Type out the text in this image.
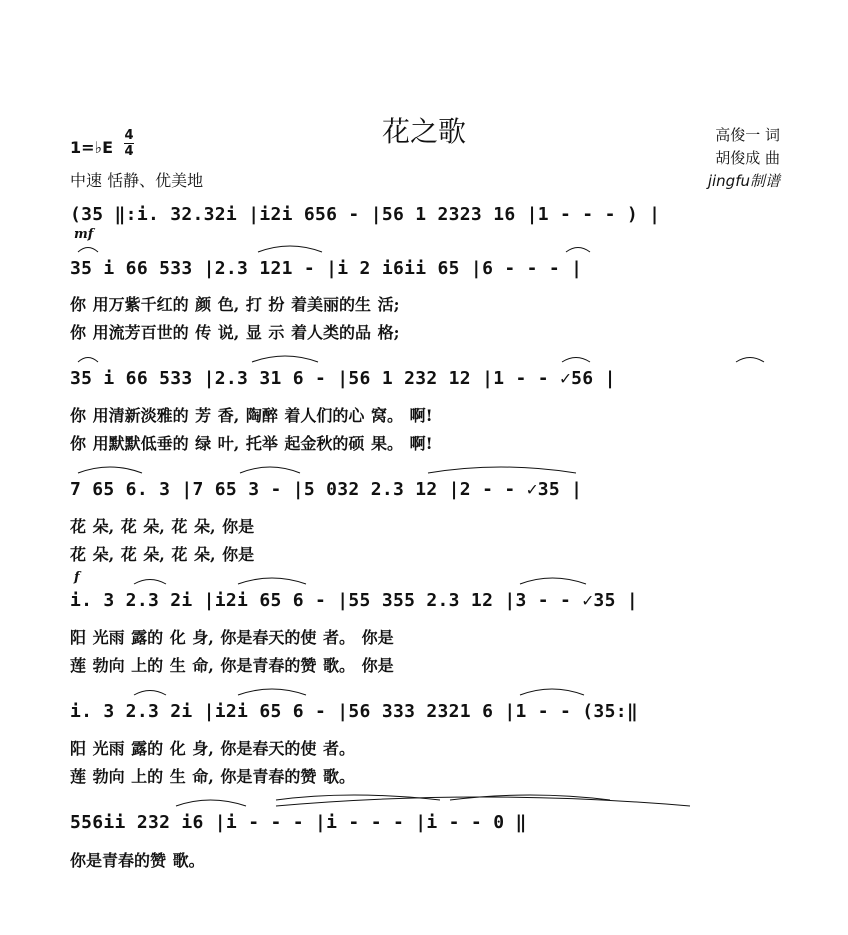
花之歌
1=♭E
4
4
中速 恬静、优美地
高俊一 词
胡俊成 曲
jingfu制谱
mf
f
(35 ‖:i. 32.32i |i2i 656 - |56 1 2323 16 |1 - - - ) |
35 i 66 533 |2.3 121 - |i 2 i6ii 65 |6 - - - |
你 用万紫千红的 颜 色, 打 扮 着美丽的生 活;
你 用流芳百世的 传 说, 显 示 着人类的品 格;
35 i 66 533 |2.3 31 6 - |56 1 232 12 |1 - - ✓56 |
你 用清新淡雅的 芳 香, 陶醉 着人们的心 窝。 啊!
你 用默默低垂的 绿 叶, 托举 起金秋的硕 果。 啊!
7 65 6. 3 |7 65 3 - |5 032 2.3 12 |2 - - ✓35 |
花 朵, 花 朵, 花 朵, 你是
花 朵, 花 朵, 花 朵, 你是
i. 3 2.3 2i |i2i 65 6 - |55 355 2.3 12 |3 - - ✓35 |
阳 光雨 露的 化 身, 你是春天的使 者。 你是
莲 勃向 上的 生 命, 你是青春的赞 歌。 你是
i. 3 2.3 2i |i2i 65 6 - |56 333 2321 6 |1 - - (35:‖
阳 光雨 露的 化 身, 你是春天的使 者。
莲 勃向 上的 生 命, 你是青春的赞 歌。
556ii 232 i6 |i - - - |i - - - |i - - 0 ‖
你是青春的赞 歌。
